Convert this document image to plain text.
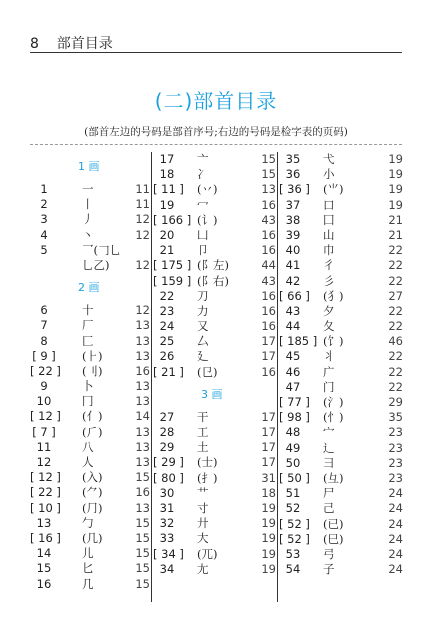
8 部首目录
(二)部首目录
(部首左边的号码是部首序号;右边的号码是检字表的页码)
1 画
1	一	11
2	丨	11
3	丿	12
4	丶	12
5	乛(𠃌乚
乚乙)	12
2 画
6	十	12
7	厂	13
8	匚	13
[ 9 ] (⺊)	13
[ 22 ] (刂)	16
9	卜	13
10	冂	13
[ 12 ] (亻)	14
[ 7 ] (⺁)	13
11	八	13
12	人	13
[ 12 ] (入)	15
[ 22 ] (⺈)	16
[ 10 ] (⺆)	13
13	勹	15
[ 16 ] (几)	15
14	儿	15
15	匕	15
16	几	15
17	亠	15
18	冫	15
[ 11 ] (丷)	13
19	冖	16
[ 166 ] (讠)	43
20	凵	16
21	卩	16
[ 175 ] (阝左)	44
[ 159 ] (阝右)	43
22	刀	16
23	力	16
24	又	16
25	厶	17
26	廴	17
[ 21 ] (㔾)	16
3 画
27	干	17
28	工	17
29	土	17
[ 29 ] (士)	17
[ 80 ] (扌)	31
30	艹	18
31	寸	19
32	廾	19
33	大	19
[ 34 ] (兀)	19
34	尢	19
35	弋	19
36	小	19
[ 36 ] (⺌)	19
37	口	19
38	囗	21
39	山	21
40	巾	22
41	彳	22
42	彡	22
[ 66 ] (犭)	27
43	夕	22
44	夂	22
[ 185 ] (饣)	46
45	丬	22
46	广	22
47	门	22
[ 77 ] (氵)	29
[ 98 ] (忄)	35
48	宀	23
49	辶	23
50	彐	23
[ 50 ] (彑)	23
51	尸	24
52	己	24
[ 52 ] (已)	24
[ 52 ] (巳)	24
53	弓	24
54	子	24
